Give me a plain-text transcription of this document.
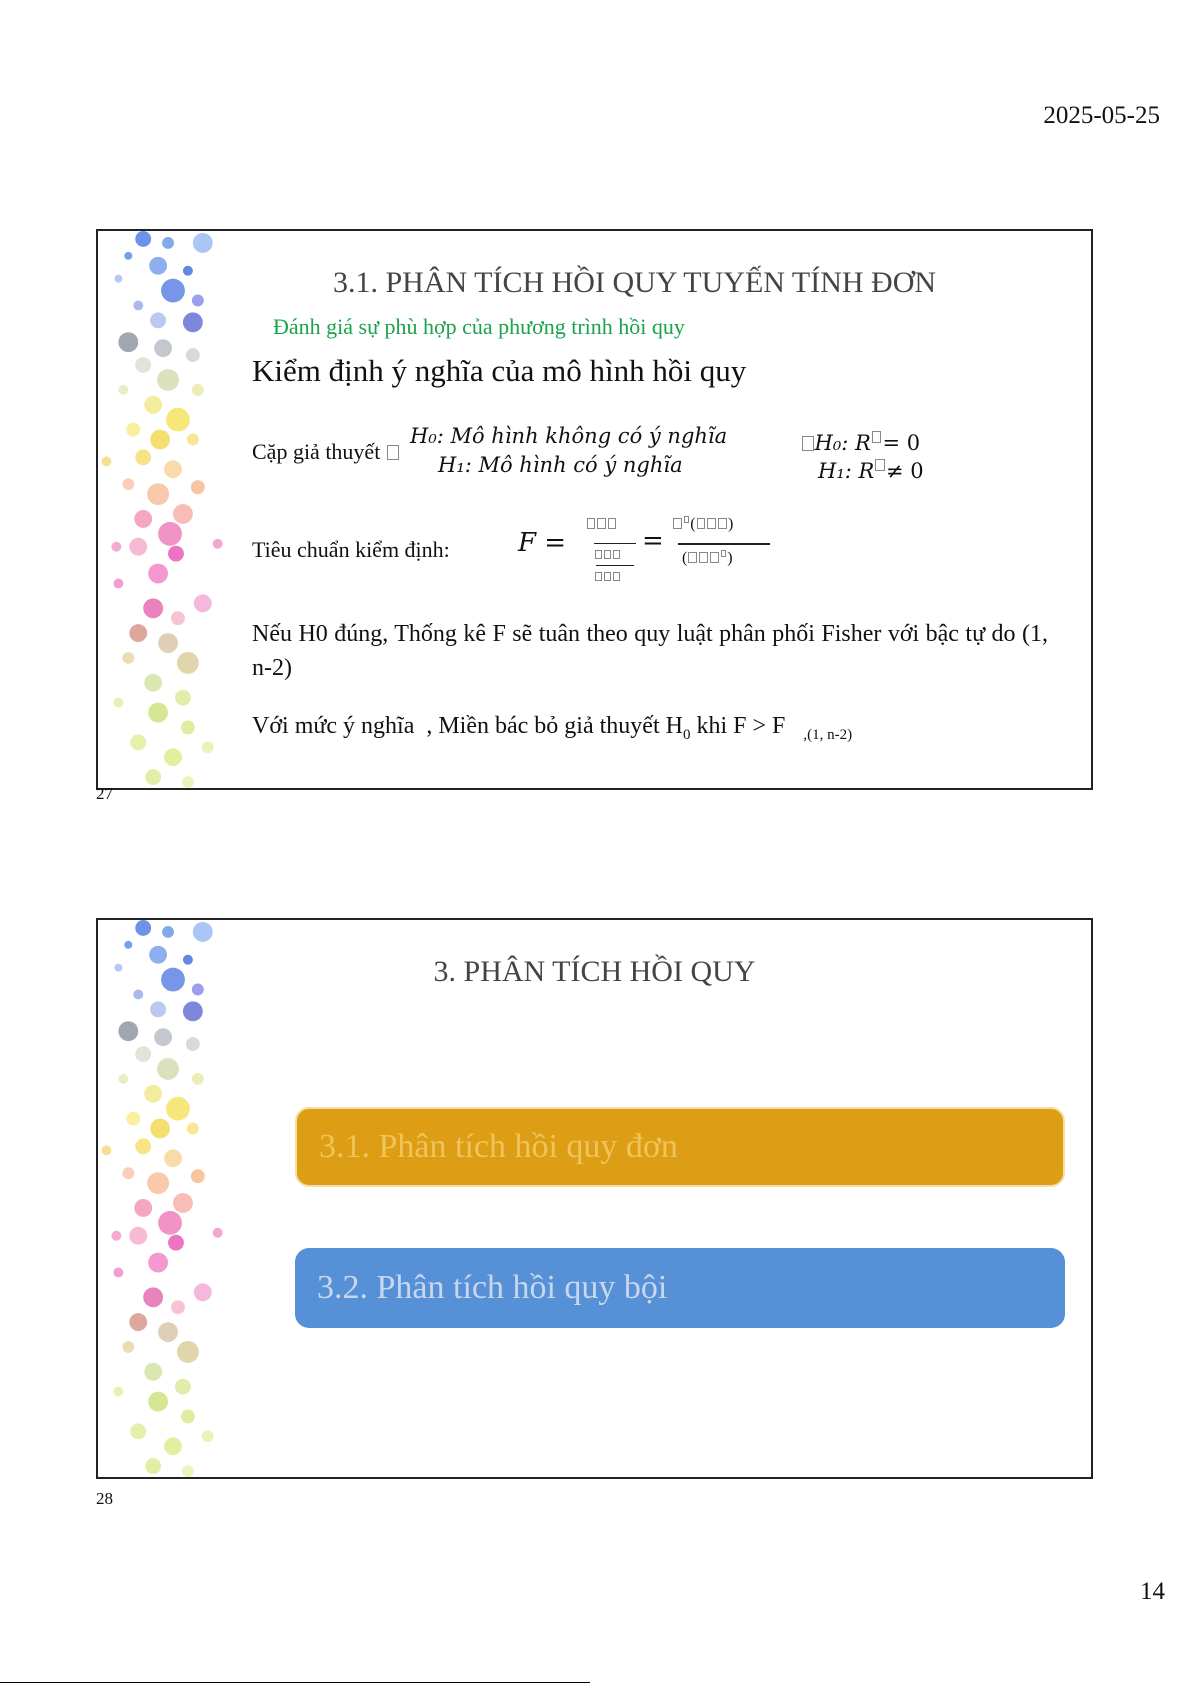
2025-05-25
3.1. PHÂN TÍCH HỒI QUY TUYẾN TÍNH ĐƠN
Đánh giá sự phù hợp của phương trình hồi quy
Kiểm định ý nghĩa của mô hình hồi quy
Cặp giả thuyết
H₀: Mô hình không có ý nghĩa
H₁: Mô hình có ý nghĩa
H₀: R = 0
H₁: R ≠ 0
Tiêu chuẩn kiểm định:	F =	=
( )
( )
Nếu H0 đúng, Thống kê F sẽ tuân theo quy luật phân phối Fisher với bậc tự do (1, n-2)
Với mức ý nghĩa , Miền bác bỏ giả thuyết $H_0$ khi F > F $_{,(1, n-2)}$
27
3. PHÂN TÍCH HỒI QUY
3.1. Phân tích hồi quy đơn
3.2. Phân tích hồi quy bội
28
14
